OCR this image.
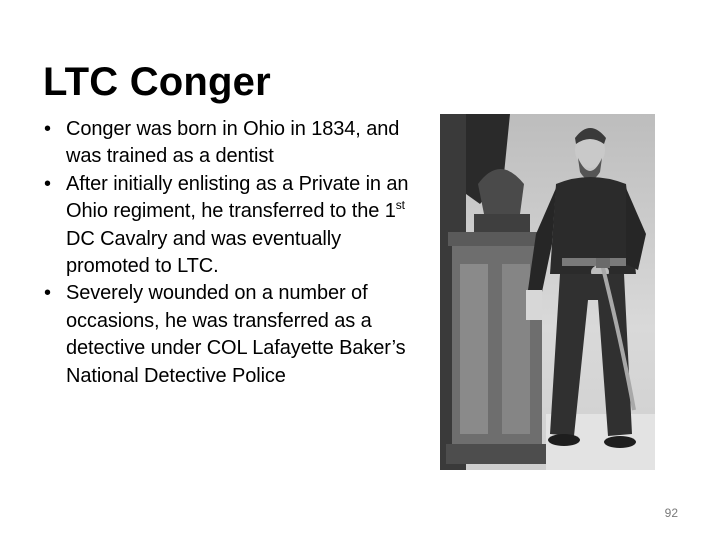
LTC Conger
• Conger was born in Ohio in 1834, and was trained as a dentist
• After initially enlisting as a Private in an Ohio regiment, he transferred to the 1st DC Cavalry and was eventually promoted to LTC.
• Severely wounded on a number of occasions, he was transferred as a detective under COL Lafayette Baker’s National Detective Police
92
